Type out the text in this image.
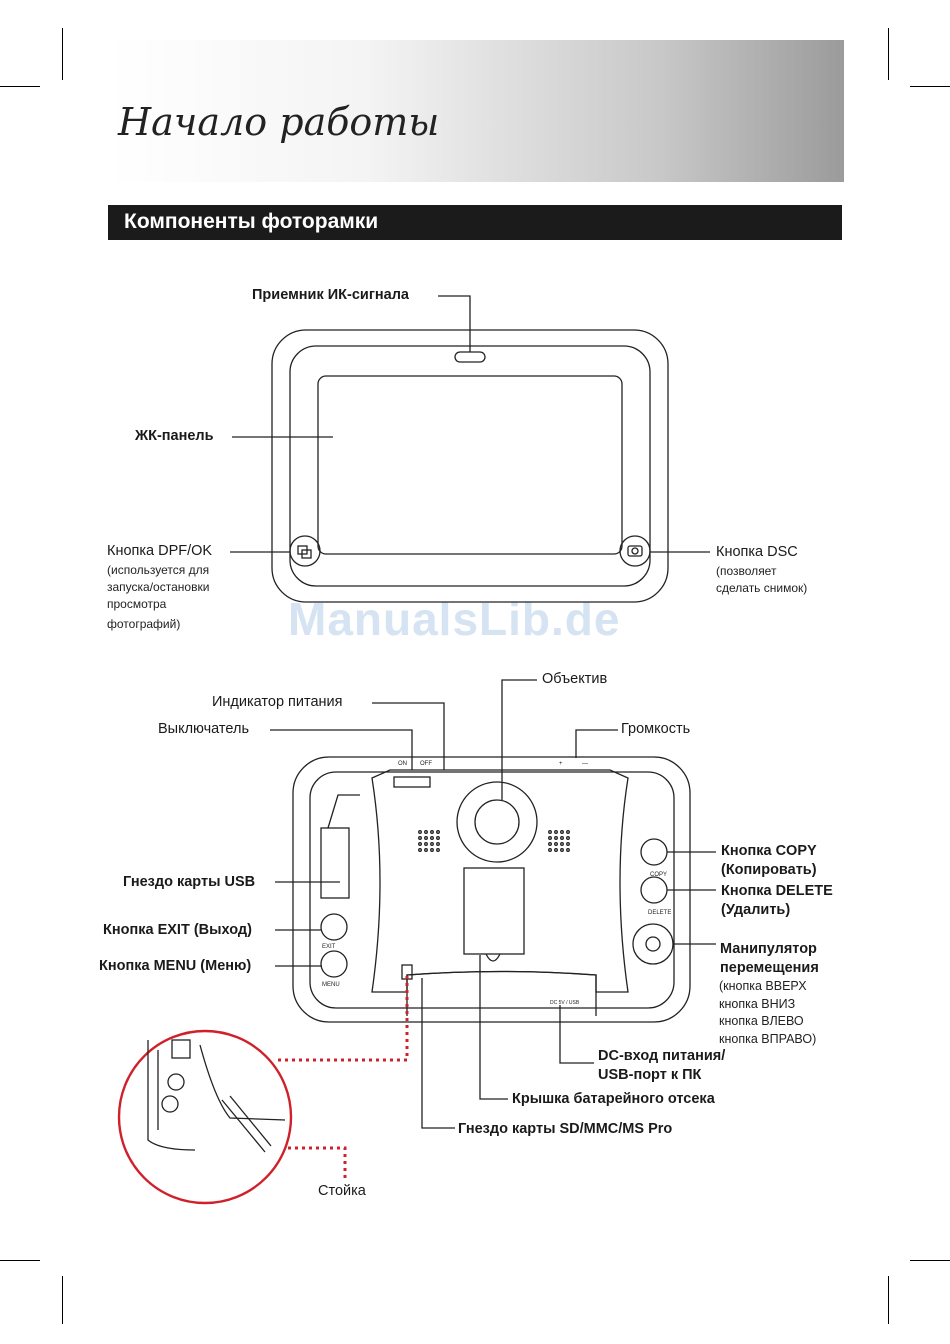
Начало работы
Компоненты фоторамки
ManualsLib.de
ON OFF	+	—
COPY
DELETE
EXIT
MENU
DC 5V / USB
Приемник ИК-сигнала
ЖК-панель
Кнопка DPF/OK
(используется для
запуска/остановки
просмотра
фотографий)
Кнопка DSC
(позволяет
сделать снимок)
Объектив
Индикатор питания
Выключатель	Громкость
Гнездо карты USB
Кнопка EXIT (Выход)
Кнопка MENU (Меню)
Кнопка COPY
(Копировать)
Кнопка DELETE
(Удалить)
Манипулятор
перемещения
(кнопка ВВЕРХ
кнопка ВНИЗ
кнопка ВЛЕВО
кнопка ВПРАВО)
DC-вход питания/
USB-порт к ПК
Крышка батарейного отсека
Гнездо карты SD/MMC/MS Pro
Стойка
